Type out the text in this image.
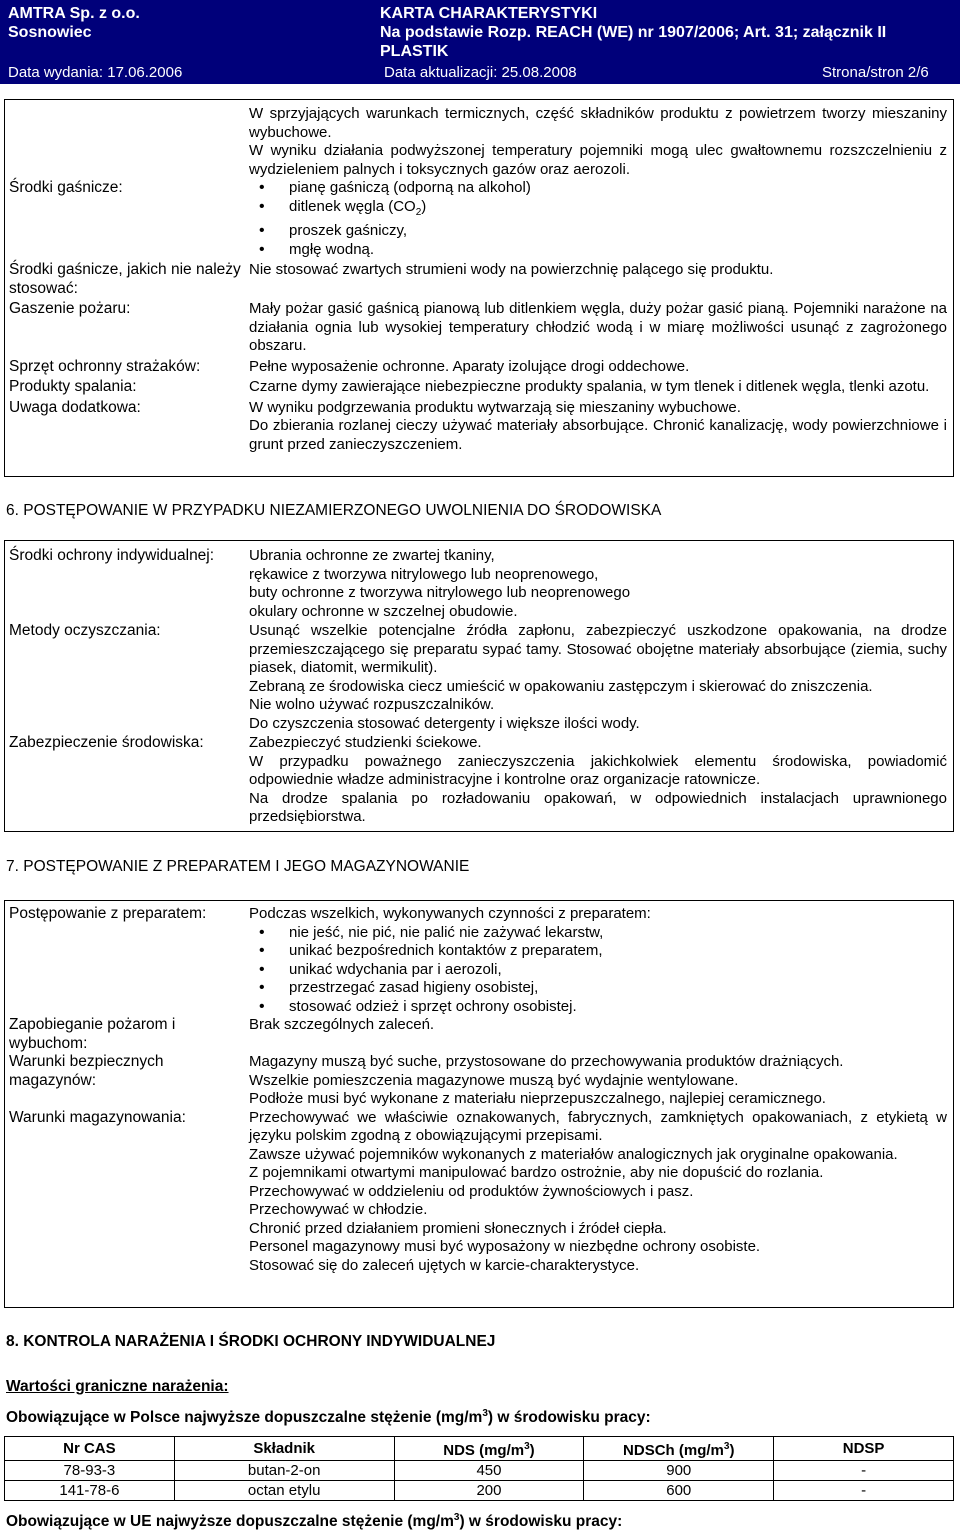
AMTRA Sp. z o.o.
Sosnowiec
KARTA CHARAKTERYSTYKI
Na podstawie Rozp. REACH (WE) nr 1907/2006; Art. 31; załącznik II
PLASTIK
Data wydania: 17.06.2006	Data aktualizacji: 25.08.2008	Strona/stron 2/6

W sprzyjających warunkach termicznych, część składników produktu z powietrzem tworzy mieszaniny wybuchowe.

W wyniku działania podwyższonej temperatury pojemniki mogą ulec gwałtownemu rozszczelnieniu z wydzieleniem palnych i toksycznych gazów oraz aerozoli.

Środki gaśnicze:	• pianę gaśniczą (odporną na alkohol)
• ditlenek węgla $(CO_2)$
• proszek gaśniczy,
• mgłę wodną.
Środki gaśnicze, jakich nie należy stosować:
Nie stosować zwartych strumieni wody na powierzchnię palącego się produktu.
Gaszenie pożaru:	Mały pożar gasić gaśnicą pianową lub ditlenkiem węgla, duży pożar gasić pianą. Pojemniki narażone na działania ognia lub wysokiej temperatury chłodzić wodą i w miarę możliwości usunąć z zagrożonego obszaru.
Sprzęt ochronny strażaków:	Pełne wyposażenie ochronne. Aparaty izolujące drogi oddechowe.
Produkty spalania:	Czarne dymy zawierające niebezpieczne produkty spalania, w tym tlenek i ditlenek węgla, tlenki azotu.
Uwaga dodatkowa:	W wyniku podgrzewania produktu wytwarzają się mieszaniny wybuchowe.

Do zbierania rozlanej cieczy używać materiały absorbujące. Chronić kanalizację, wody powierzchniowe i grunt przed zanieczyszczeniem.

6. POSTĘPOWANIE W PRZYPADKU NIEZAMIERZONEGO UWOLNIENIA DO ŚRODOWISKA
Środki ochrony indywidualnej:	Ubrania ochronne ze zwartej tkaniny,

rękawice z tworzywa nitrylowego lub neoprenowego,

buty ochronne z tworzywa nitrylowego lub neoprenowego

okulary ochronne w szczelnej obudowie.

Metody oczyszczania:	Usunąć wszelkie potencjalne źródła zapłonu, zabezpieczyć uszkodzone opakowania, na drodze przemieszczającego się preparatu sypać tamy. Stosować obojętne materiały absorbujące (ziemia, suchy piasek, diatomit, wermikulit).

Zebraną ze środowiska ciecz umieścić w opakowaniu zastępczym i skierować do zniszczenia.

Nie wolno używać rozpuszczalników.

Do czyszczenia stosować detergenty i większe ilości wody.

Zabezpieczenie środowiska:	Zabezpieczyć studzienki ściekowe.

W przypadku poważnego zanieczyszczenia jakichkolwiek elementu środowiska, powiadomić odpowiednie władze administracyjne i kontrolne oraz organizacje ratownicze.

Na drodze spalania po rozładowaniu opakowań, w odpowiednich instalacjach uprawnionego przedsiębiorstwa.

7. POSTĘPOWANIE Z PREPARATEM I JEGO MAGAZYNOWANIE
Postępowanie z preparatem:	Podczas wszelkich, wykonywanych czynności z preparatem:

• nie jeść, nie pić, nie palić nie zażywać lekarstw,
• unikać bezpośrednich kontaktów z preparatem,
• unikać wdychania par i aerozoli,
• przestrzegać zasad higieny osobistej,
• stosować odzież i sprzęt ochrony osobistej.
Zapobieganie pożarom i wybuchom:
Brak szczególnych zaleceń.
Warunki bezpiecznych magazynów:

Magazyny muszą być suche, przystosowane do przechowywania produktów drażniących.

Wszelkie pomieszczenia magazynowe muszą być wydajnie wentylowane.

Podłoże musi być wykonane z materiału nieprzepuszczalnego, najlepiej ceramicznego.

Warunki magazynowania:	Przechowywać we właściwie oznakowanych, fabrycznych, zamkniętych opakowaniach, z etykietą w języku polskim zgodną z obowiązującymi przepisami.

Zawsze używać pojemników wykonanych z materiałów analogicznych jak oryginalne opakowania.

Z pojemnikami otwartymi manipulować bardzo ostrożnie, aby nie dopuścić do rozlania.

Przechowywać w oddzieleniu od produktów żywnościowych i pasz.

Przechowywać w chłodzie.

Chronić przed działaniem promieni słonecznych i źródeł ciepła.

Personel magazynowy musi być wyposażony w niezbędne ochrony osobiste.

Stosować się do zaleceń ujętych w karcie-charakterystyce.

8. KONTROLA NARAŻENIA I ŚRODKI OCHRONY INDYWIDUALNEJ
Wartości graniczne narażenia:
Obowiązujące w Polsce najwyższe dopuszczalne stężenie $(mg/m^3)$ w środowisku pracy:
Nr CAS	Składnik	NDS $(mg/m^3)$	NDSCh $(mg/m^3)$	NDSP
78-93-3	butan-2-on	450	900	-
141-78-6	octan etylu	200	600	-
Obowiązujące w UE najwyższe dopuszczalne stężenie $(mg/m^3)$ w środowisku pracy:
